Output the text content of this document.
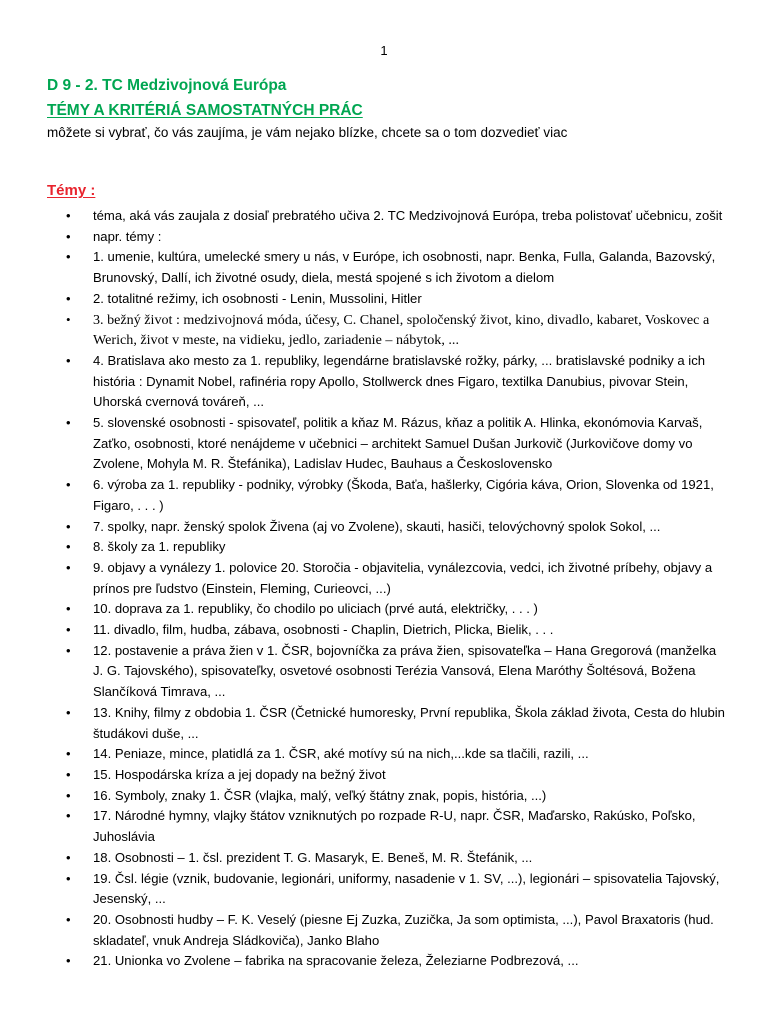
1
D 9 - 2. TC Medzivojnová Európa
TÉMY A KRITÉRIÁ SAMOSTATNÝCH PRÁC
môžete si vybrať, čo vás zaujíma, je vám nejako blízke, chcete sa o tom dozvedieť viac
Témy :
• téma, aká vás zaujala z dosiaľ prebratého učiva 2. TC Medzivojnová Európa, treba polistovať učebnicu, zošit
• napr. témy :
• 1. umenie, kultúra, umelecké smery u nás, v Európe, ich osobnosti, napr. Benka, Fulla, Galanda, Bazovský, Brunovský, Dallí, ich životné osudy, diela, mestá spojené s ich životom a dielom
• 2. totalitné režimy, ich osobnosti - Lenin, Mussolini, Hitler
• 3. bežný život : medzivojnová móda, účesy, C. Chanel, spoločenský život, kino, divadlo, kabaret, Voskovec a Werich, život v meste, na vidieku, jedlo, zariadenie – nábytok, ...
• 4. Bratislava ako mesto za 1. republiky, legendárne bratislavské rožky, párky, ... bratislavské podniky a ich história : Dynamit Nobel, rafinéria ropy Apollo, Stollwerck dnes Figaro, textilka Danubius, pivovar Stein, Uhorská cvernová továreň, ...
• 5. slovenské osobnosti - spisovateľ, politik a kňaz M. Rázus, kňaz a politik A. Hlinka, ekonómovia Karvaš, Zaťko, osobnosti, ktoré nenájdeme v učebnici – architekt Samuel Dušan Jurkovič (Jurkovičove domy vo Zvolene, Mohyla M. R. Štefánika), Ladislav Hudec, Bauhaus a Československo
• 6. výroba za 1. republiky - podniky, výrobky (Škoda, Baťa, hašlerky, Cigória káva, Orion, Slovenka od 1921, Figaro, . . . )
• 7. spolky, napr. ženský spolok Živena (aj vo Zvolene), skauti, hasiči, telovýchovný spolok Sokol, ...
• 8. školy za 1. republiky
• 9. objavy a vynálezy 1. polovice 20. Storočia - objavitelia, vynálezcovia, vedci, ich životné príbehy, objavy a prínos pre ľudstvo (Einstein, Fleming, Curieovci, ...)
• 10. doprava za 1. republiky, čo chodilo po uliciach (prvé autá, električky, . . . )
• 11. divadlo, film, hudba, zábava, osobnosti - Chaplin, Dietrich, Plicka, Bielik, . . .
• 12. postavenie a práva žien v 1. ČSR, bojovníčka za práva žien, spisovateľka – Hana Gregorová (manželka J. G. Tajovského), spisovateľky, osvetové osobnosti Terézia Vansová, Elena Maróthy Šoltésová, Božena Slančíková Timrava, ...
• 13. Knihy, filmy z obdobia 1. ČSR (Četnické humoresky, První republika, Škola základ života, Cesta do hlubin študákovi duše, ...
• 14. Peniaze, mince, platidlá za 1. ČSR, aké motívy sú na nich,...kde sa tlačili, razili, ...
• 15. Hospodárska kríza a jej dopady na bežný život
• 16. Symboly, znaky 1. ČSR (vlajka, malý, veľký štátny znak, popis, história, ...)
• 17. Národné hymny, vlajky štátov vzniknutých po rozpade R-U, napr. ČSR, Maďarsko, Rakúsko, Poľsko, Juhoslávia
• 18. Osobnosti – 1. čsl. prezident T. G. Masaryk, E. Beneš, M. R. Štefánik, ...
• 19. Čsl. légie (vznik, budovanie, legionári, uniformy, nasadenie v 1. SV, ...), legionári – spisovatelia Tajovský, Jesenský, ...
• 20. Osobnosti hudby – F. K. Veselý (piesne Ej Zuzka, Zuzička, Ja som optimista, ...), Pavol Braxatoris (hud. skladateľ, vnuk Andreja Sládkoviča), Janko Blaho
• 21. Unionka vo Zvolene – fabrika na spracovanie železa, Železiarne Podbrezová, ...
